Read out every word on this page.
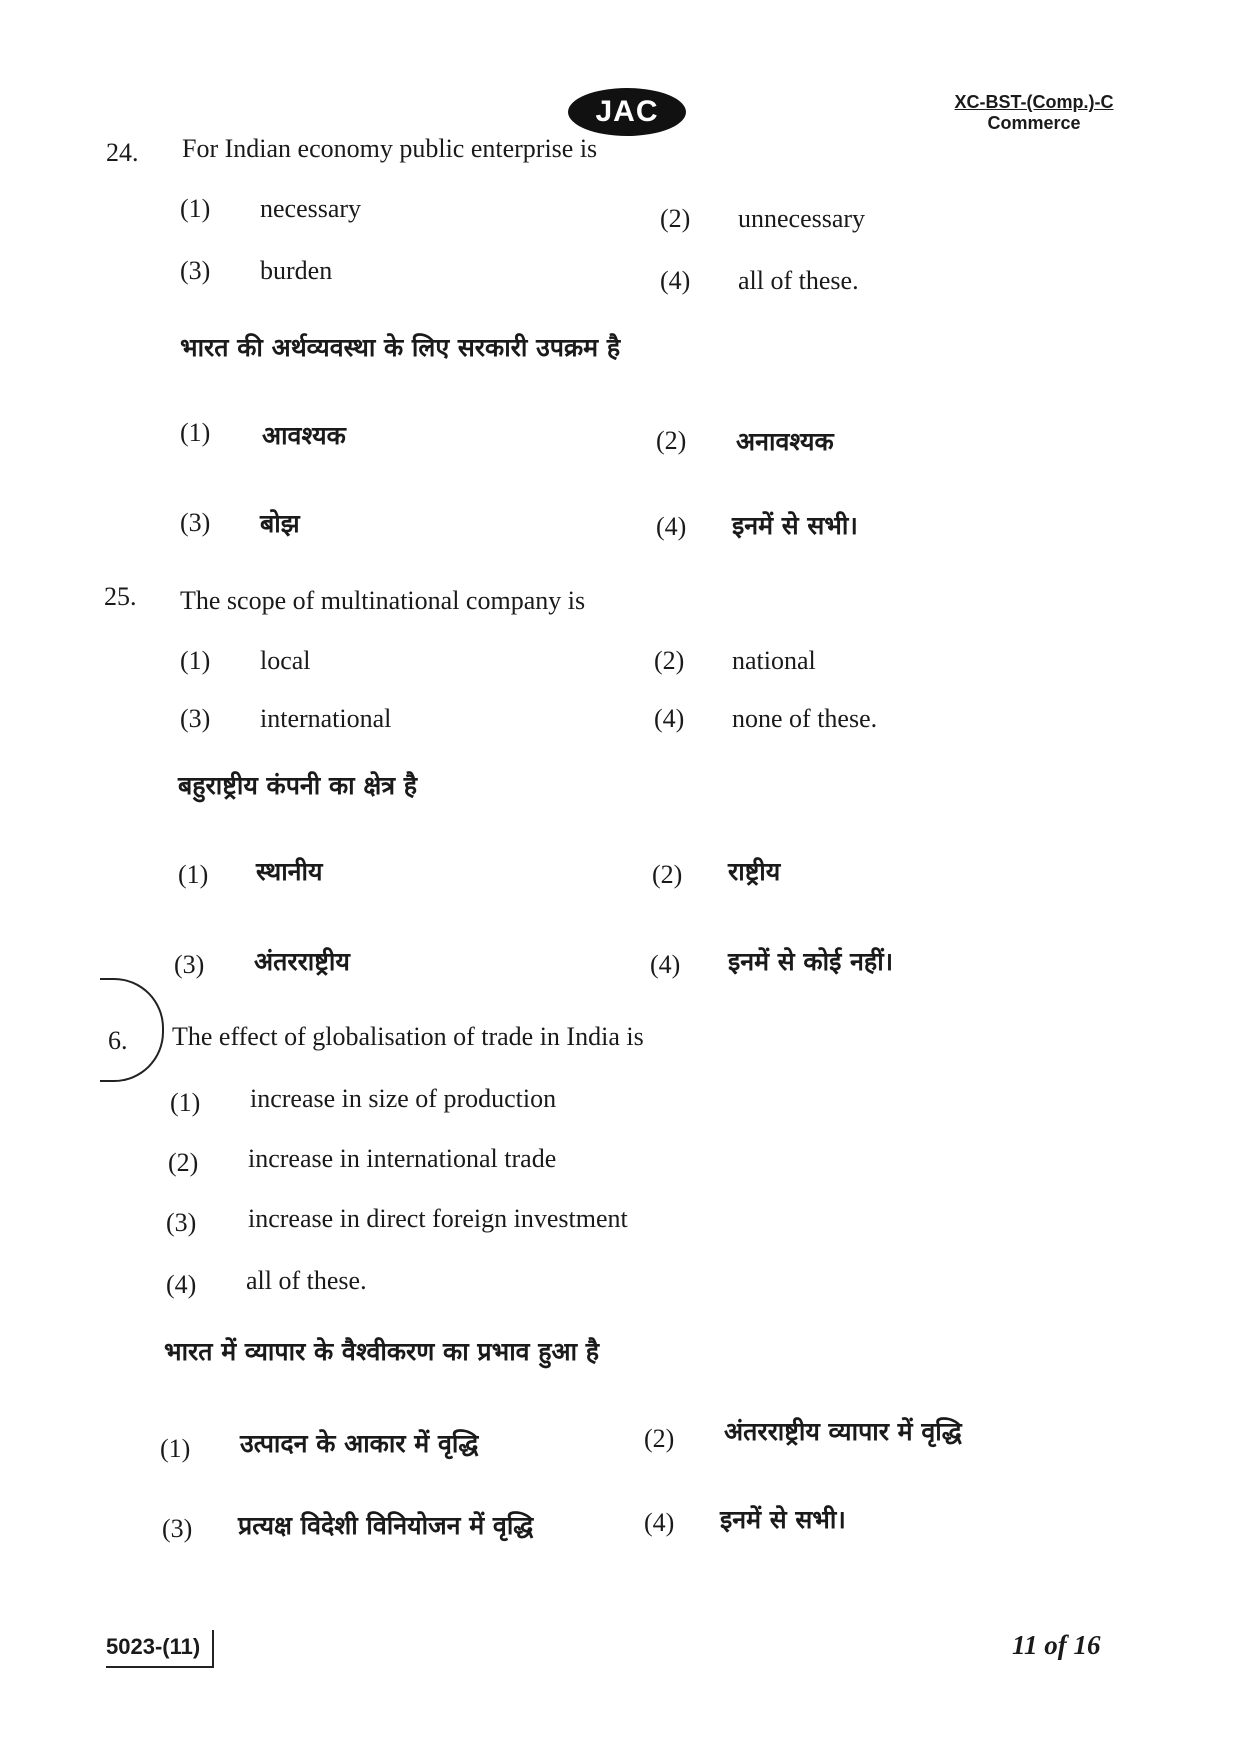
JAC	XC-BST-(Comp.)-C
Commerce
24. For Indian economy public enterprise is
(1) necessary	(2) unnecessary
(3) burden	(4) all of these.
भारत की अर्थव्यवस्था के लिए सरकारी उपक्रम है
(1) आवश्यक	(2) अनावश्यक
(3) बोझ	(4) इनमें से सभी।
25. The scope of multinational company is
(1) local	(2) national
(3) international	(4) none of these.
बहुराष्ट्रीय कंपनी का क्षेत्र है
(1) स्थानीय	(2) राष्ट्रीय
(3) अंतरराष्ट्रीय	(4) इनमें से कोई नहीं।
6. The effect of globalisation of trade in India is
(1) increase in size of production
(2) increase in international trade
(3) increase in direct foreign investment
(4) all of these.
भारत में व्यापार के वैश्वीकरण का प्रभाव हुआ है
(1) उत्पादन के आकार में वृद्धि	(2) अंतरराष्ट्रीय व्यापार में वृद्धि
(3) प्रत्यक्ष विदेशी विनियोजन में वृद्धि	(4) इनमें से सभी।
5023-(11)	11 of 16
